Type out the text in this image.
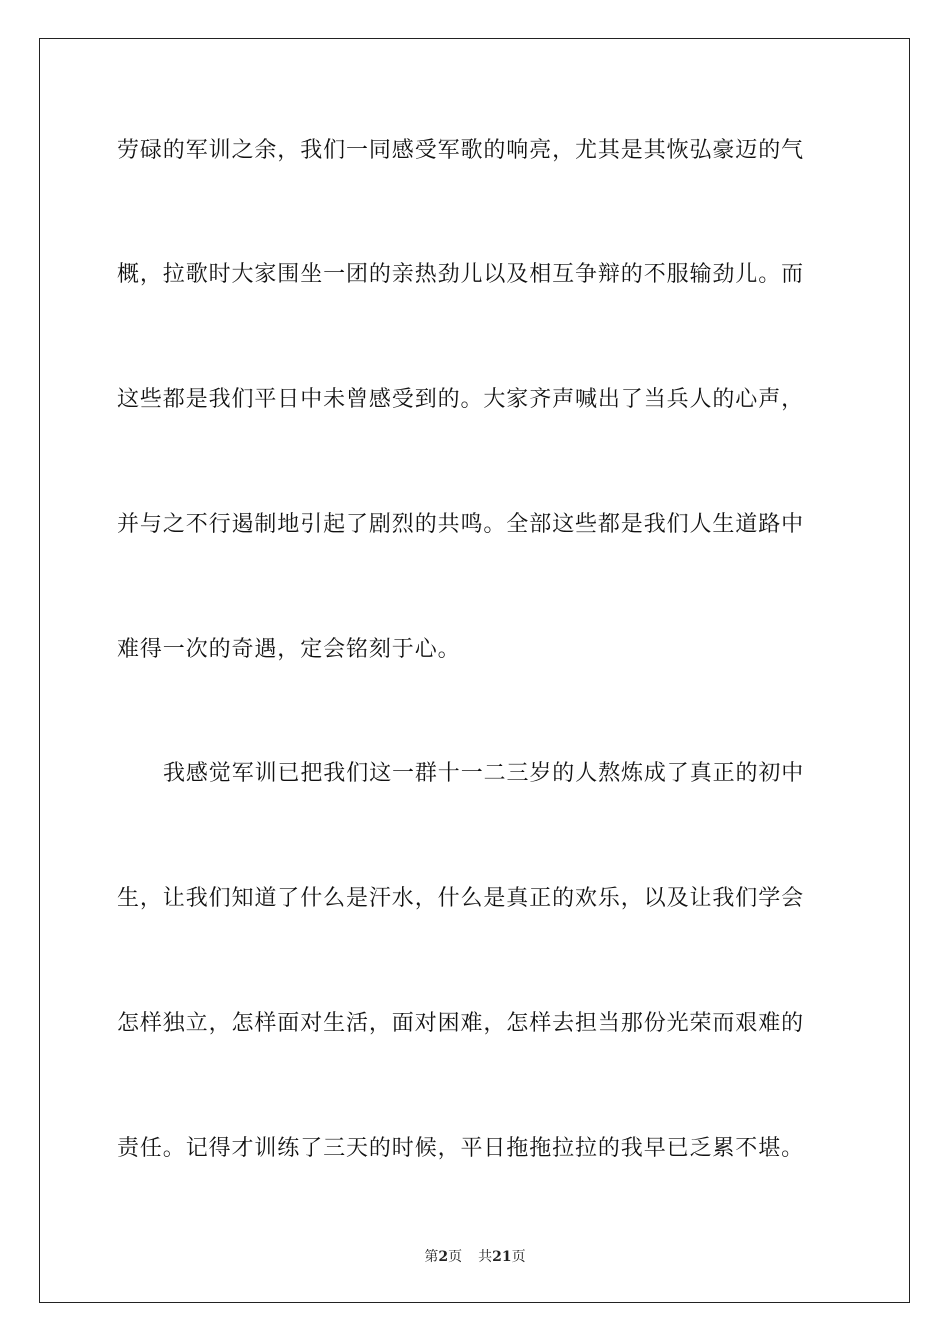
劳碌的军训之余，我们一同感受军歌的响亮，尤其是其恢弘豪迈的气
概，拉歌时大家围坐一团的亲热劲儿以及相互争辩的不服输劲儿。而
这些都是我们平日中未曾感受到的。大家齐声喊出了当兵人的心声，
并与之不行遏制地引起了剧烈的共鸣。全部这些都是我们人生道路中
难得一次的奇遇，定会铭刻于心。
我感觉军训已把我们这一群十一二三岁的人熬炼成了真正的初中
生，让我们知道了什么是汗水，什么是真正的欢乐，以及让我们学会
怎样独立，怎样面对生活，面对困难，怎样去担当那份光荣而艰难的
责任。记得才训练了三天的时候，平日拖拖拉拉的我早已乏累不堪。
第2页 共21页
